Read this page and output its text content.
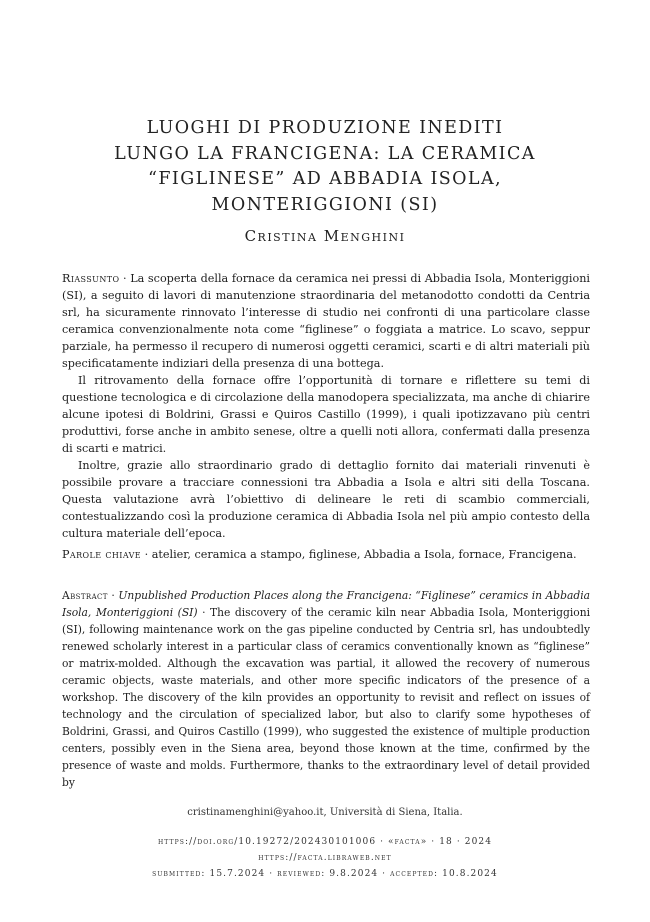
LUOGHI DI PRODUZIONE INEDITI
LUNGO LA FRANCIGENA: LA CERAMICA
“FIGLINESE” AD ABBADIA ISOLA,
MONTERIGGIONI (SI)
Cristina Menghini

Riassunto · La scoperta della fornace da ceramica nei pressi di Abbadia Isola, Monteriggioni (SI), a seguito di lavori di manutenzione straordinaria del metanodotto condotti da Centria srl, ha sicuramente rinnovato l’interesse di studio nei confronti di una particolare classe ceramica convenzionalmente nota come “figlinese” o foggiata a matrice. Lo scavo, seppur parziale, ha permesso il recupero di numerosi oggetti ceramici, scarti e di altri materiali più specificatamente indiziari della presenza di una bottega.

Il ritrovamento della fornace offre l’opportunità di tornare e riflettere su temi di questione tecnologica e di circolazione della manodopera specializzata, ma anche di chiarire alcune ipotesi di Boldrini, Grassi e Quiros Castillo (1999), i quali ipotizzavano più centri produttivi, forse anche in ambito senese, oltre a quelli noti allora, confermati dalla presenza di scarti e matrici.

Inoltre, grazie allo straordinario grado di dettaglio fornito dai materiali rinvenuti è possibile provare a tracciare connessioni tra Abbadia a Isola e altri siti della Toscana. Questa valutazione avrà l’obiettivo di delineare le reti di scambio commerciali, contestualizzando così la produzione ceramica di Abbadia Isola nel più ampio contesto della cultura materiale dell’epoca.

Parole chiave · atelier, ceramica a stampo, figlinese, Abbadia a Isola, fornace, Francigena.

Abstract · Unpublished Production Places along the Francigena: “Figlinese” ceramics in Abbadia Isola, Monteriggioni (SI) · The discovery of the ceramic kiln near Abbadia Isola, Monteriggioni (SI), following maintenance work on the gas pipeline conducted by Centria srl, has undoubtedly renewed scholarly interest in a particular class of ceramics conventionally known as “figlinese” or matrix-molded. Although the excavation was partial, it allowed the recovery of numerous ceramic objects, waste materials, and other more specific indicators of the presence of a workshop. The discovery of the kiln provides an opportunity to revisit and reflect on issues of technology and the circulation of specialized labor, but also to clarify some hypotheses of Boldrini, Grassi, and Quiros Castillo (1999), who suggested the existence of multiple production centers, possibly even in the Siena area, beyond those known at the time, confirmed by the presence of waste and molds. Furthermore, thanks to the extraordinary level of detail provided by

cristinamenghini@yahoo.it, Università di Siena, Italia.
https://doi.org/10.19272/202430101006 · «facta» · 18 · 2024
https://facta.libraweb.net
submitted: 15.7.2024 · reviewed: 9.8.2024 · accepted: 10.8.2024
